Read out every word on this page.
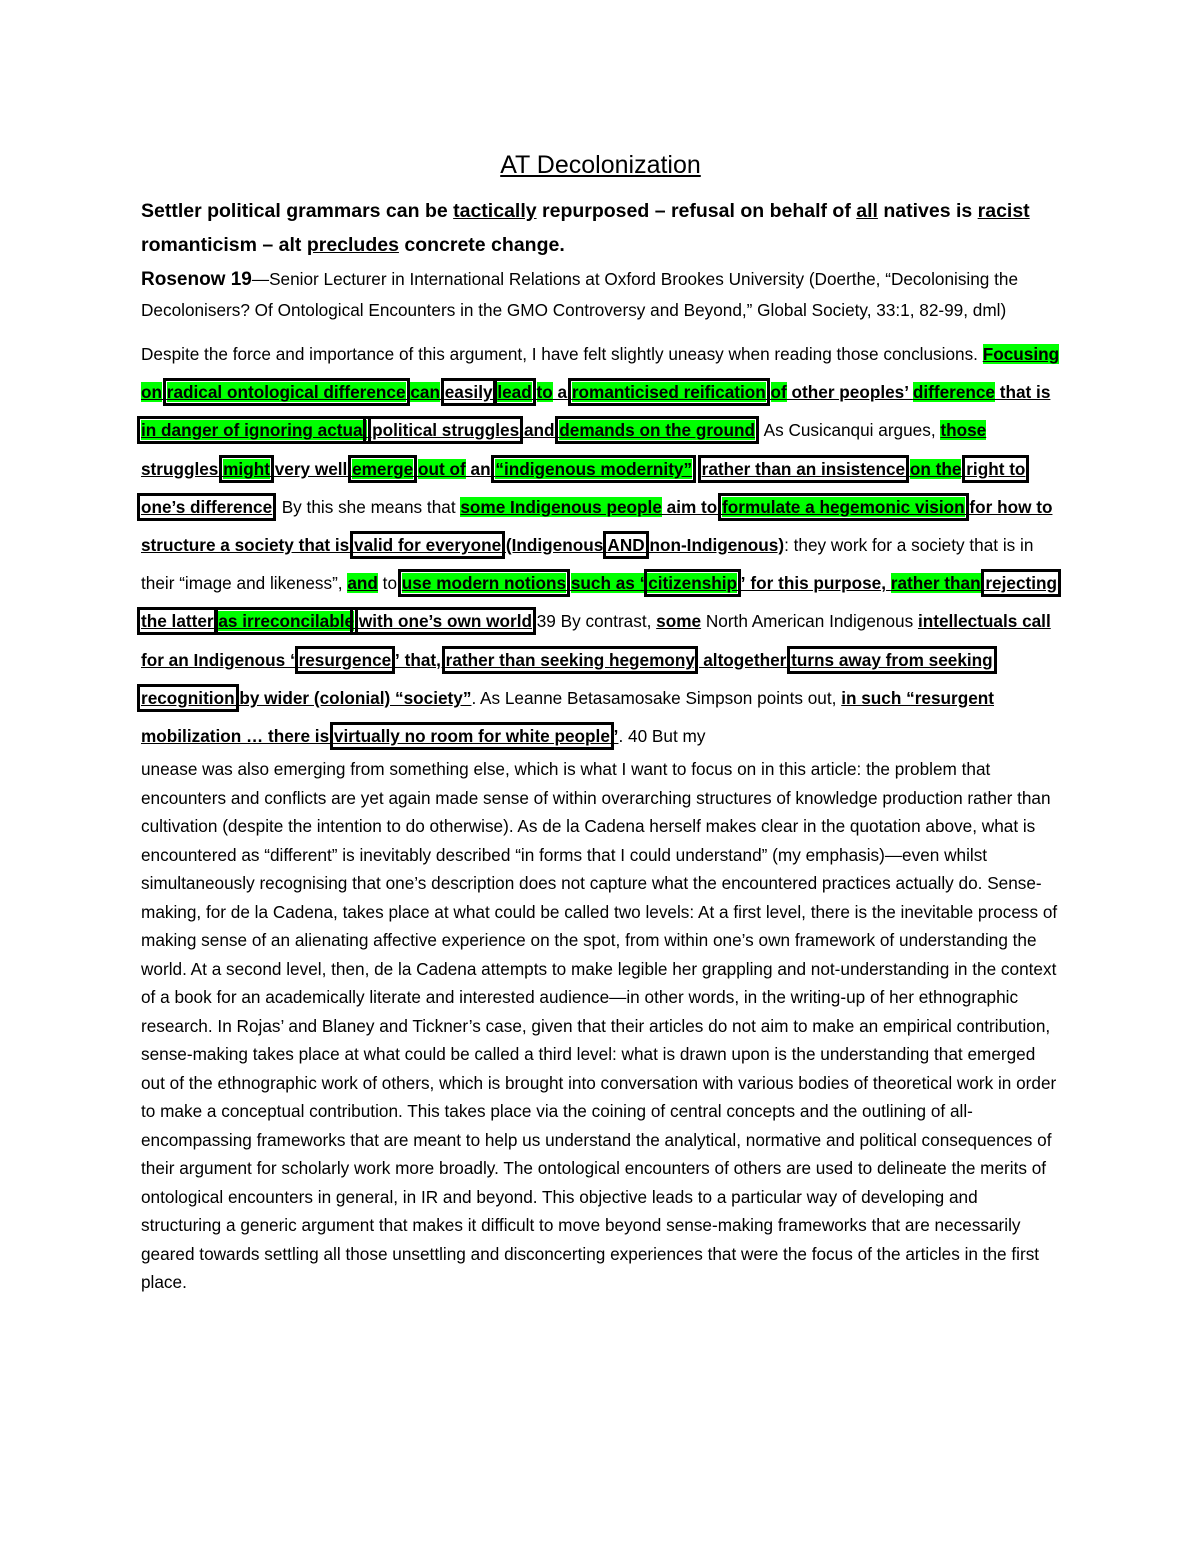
AT Decolonization

Settler political grammars can be tactically repurposed – refusal on behalf of all natives is racist romanticism – alt precludes concrete change.

Rosenow 19—Senior Lecturer in International Relations at Oxford Brookes University (Doerthe, “Decolonising the Decolonisers? Of Ontological Encounters in the GMO Controversy and Beyond,” Global Society, 33:1, 82-99, dml)

Despite the force and importance of this argument, I have felt slightly uneasy when reading those conclusions. Focusing on radical ontological difference can easily lead to a romanticised reification of other peoples’ difference that is in danger of ignoring actual political struggles and demands on the ground. As Cusicanqui argues, those struggles might very well emerge out of an “indigenous modernity”, rather than an insistence on the right to one’s difference. By this she means that some Indigenous people aim to formulate a hegemonic vision for how to structure a society that is valid for everyone (Indigenous AND non-Indigenous): they work for a society that is in their “image and likeness”, and to use modern notions such as “citizenship” for this purpose, rather than rejecting the latter as irreconcilable with one’s own world.39 By contrast, some North American Indigenous intellectuals call for an Indigenous “resurgence” that, rather than seeking hegemony, altogether turns away from seeking recognition by wider (colonial) “society”. As Leanne Betasamosake Simpson points out, in such “resurgent mobilization … there is virtually no room for white people”. 40 But my

unease was also emerging from something else, which is what I want to focus on in this article: the problem that encounters and conflicts are yet again made sense of within overarching structures of knowledge production rather than cultivation (despite the intention to do otherwise). As de la Cadena herself makes clear in the quotation above, what is encountered as “different” is inevitably described “in forms that I could understand” (my emphasis)—even whilst simultaneously recognising that one’s description does not capture what the encountered practices actually do. Sense-making, for de la Cadena, takes place at what could be called two levels: At a first level, there is the inevitable process of making sense of an alienating affective experience on the spot, from within one’s own framework of understanding the world. At a second level, then, de la Cadena attempts to make legible her grappling and not-understanding in the context of a book for an academically literate and interested audience—in other words, in the writing-up of her ethnographic research. In Rojas’ and Blaney and Tickner’s case, given that their articles do not aim to make an empirical contribution, sense-making takes place at what could be called a third level: what is drawn upon is the understanding that emerged out of the ethnographic work of others, which is brought into conversation with various bodies of theoretical work in order to make a conceptual contribution. This takes place via the coining of central concepts and the outlining of all-encompassing frameworks that are meant to help us understand the analytical, normative and political consequences of their argument for scholarly work more broadly. The ontological encounters of others are used to delineate the merits of ontological encounters in general, in IR and beyond. This objective leads to a particular way of developing and structuring a generic argument that makes it difficult to move beyond sense-making frameworks that are necessarily geared towards settling all those unsettling and disconcerting experiences that were the focus of the articles in the first place.
